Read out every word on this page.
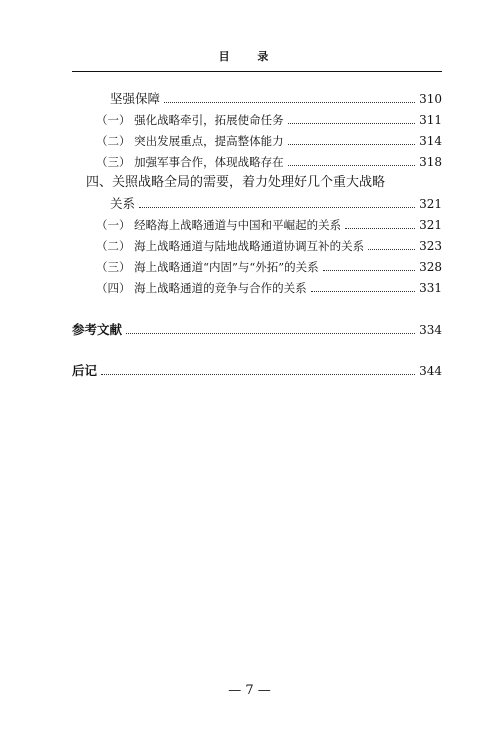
目 录
坚强保障	310
（一） 强化战略牵引，拓展使命任务	311
（二） 突出发展重点，提高整体能力	314
（三） 加强军事合作，体现战略存在	318
四、关照战略全局的需要，着力处理好几个重大战略
关系	321
（一） 经略海上战略通道与中国和平崛起的关系	321
（二） 海上战略通道与陆地战略通道协调互补的关系	323
（三） 海上战略通道“内固”与“外拓”的关系	328
（四） 海上战略通道的竞争与合作的关系	331
参考文献	334
后记	344
— 7 —
